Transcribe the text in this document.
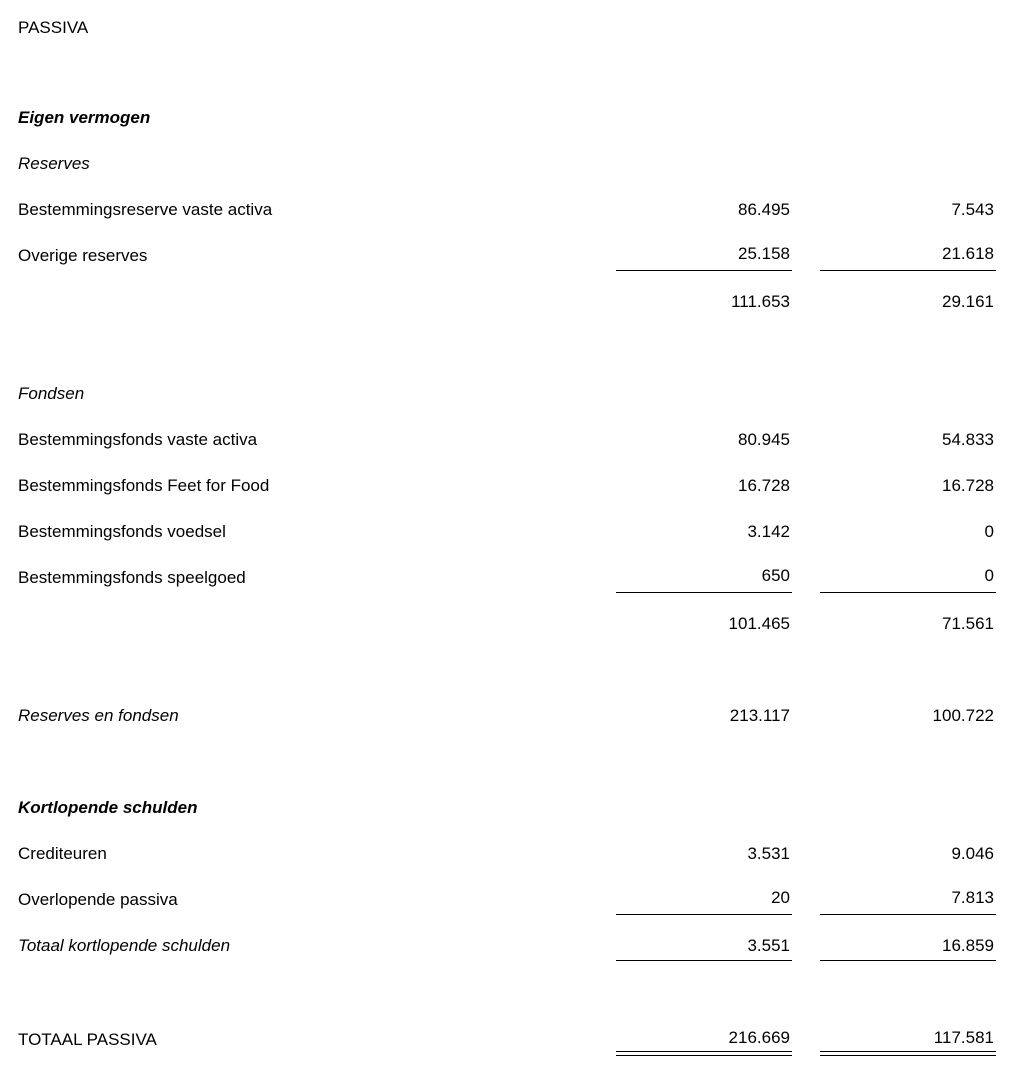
PASSIVA
Eigen vermogen
Reserves
Bestemmingsreserve vaste activa	86.495	7.543
Overige reserves	25.158	21.618
111.653	29.161
Fondsen
Bestemmingsfonds vaste activa	80.945	54.833
Bestemmingsfonds Feet for Food	16.728	16.728
Bestemmingsfonds voedsel	3.142	0
Bestemmingsfonds speelgoed	650	0
101.465	71.561
Reserves en fondsen	213.117	100.722
Kortlopende schulden
Crediteuren	3.531	9.046
Overlopende passiva	20	7.813
Totaal kortlopende schulden	3.551	16.859
TOTAAL PASSIVA	216.669	117.581
